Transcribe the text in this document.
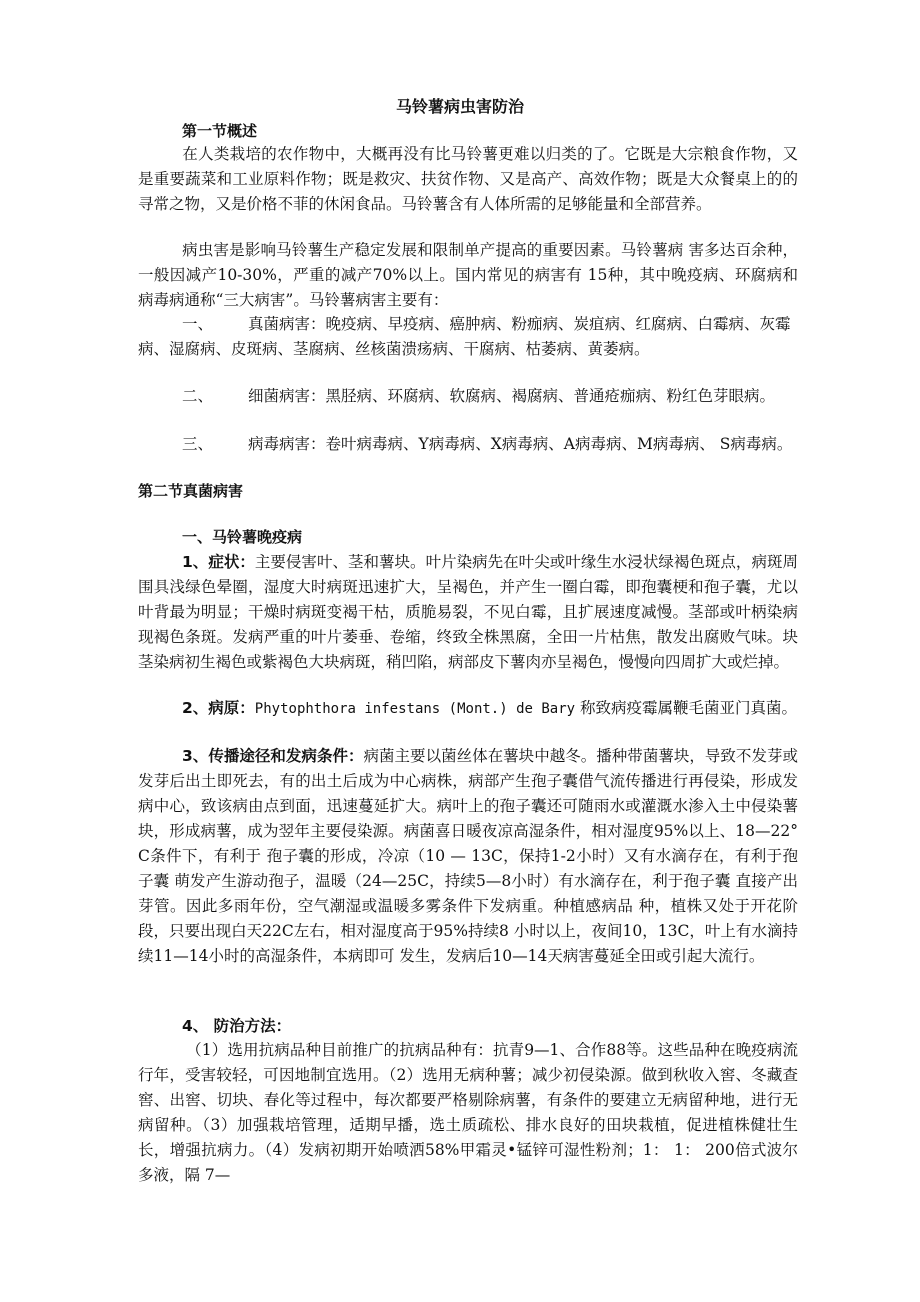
马铃薯病虫害防治
第一节概述
在人类栽培的农作物中，大概再没有比马铃薯更难以归类的了。它既是大宗粮食作物，又是重要蔬菜和工业原料作物；既是救灾、扶贫作物、又是高产、高效作物；既是大众餐桌上的的寻常之物，又是价格不菲的休闲食品。马铃薯含有人体所需的足够能量和全部营养。
病虫害是影响马铃薯生产稳定发展和限制单产提高的重要因素。马铃薯病 害多达百余种，一般因减产10-30%，严重的减产70%以上。国内常见的病害有 15种，其中晚疫病、环腐病和病毒病通称“三大病害”。马铃薯病害主要有：
一、 真菌病害：晚疫病、早疫病、癌肿病、粉痂病、炭疽病、红腐病、白霉病、灰霉病、湿腐病、皮斑病、茎腐病、丝核菌溃疡病、干腐病、枯萎病、黄萎病。
二、 细菌病害：黑胫病、环腐病、软腐病、褐腐病、普通疮痂病、粉红色芽眼病。
三、 病毒病害：卷叶病毒病、Y病毒病、X病毒病、A病毒病、M病毒病、 S病毒病。
第二节真菌病害
一、马铃薯晚疫病
1、症状：主要侵害叶、茎和薯块。叶片染病先在叶尖或叶缘生水浸状绿褐色斑点，病斑周围具浅绿色晕圈，湿度大时病斑迅速扩大，呈褐色，并产生一圈白霉，即孢囊梗和孢子囊，尤以叶背最为明显；干燥时病斑变褐干枯，质脆易裂，不见白霉，且扩展速度减慢。茎部或叶柄染病现褐色条斑。发病严重的叶片萎垂、卷缩，终致全株黑腐，全田一片枯焦，散发出腐败气味。块茎染病初生褐色或紫褐色大块病斑，稍凹陷，病部皮下薯肉亦呈褐色，慢慢向四周扩大或烂掉。
2、病原：Phytophthora infestans (Mont.) de Bary 称致病疫霉属鞭毛菌亚门真菌。
3、传播途径和发病条件：病菌主要以菌丝体在薯块中越冬。播种带菌薯块，导致不发芽或发芽后出土即死去，有的出土后成为中心病株，病部产生孢子囊借气流传播进行再侵染，形成发病中心，致该病由点到面，迅速蔓延扩大。病叶上的孢子囊还可随雨水或灌溉水渗入土中侵染薯块，形成病薯，成为翌年主要侵染源。病菌喜日暖夜凉高湿条件，相对湿度95%以上、18—22° C条件下，有利于 孢子囊的形成，冷凉（10 — 13C，保持1-2小时）又有水滴存在，有利于孢子囊 萌发产生游动孢子，温暖（24—25C，持续5—8小时）有水滴存在，利于孢子囊 直接产出芽管。因此多雨年份，空气潮湿或温暖多雾条件下发病重。种植感病品 种，植株又处于开花阶段，只要出现白天22C左右，相对湿度高于95%持续8 小时以上，夜间10，13C，叶上有水滴持续11—14小时的高湿条件，本病即可 发生，发病后10—14天病害蔓延全田或引起大流行。
4、 防治方法：
（1）选用抗病品种目前推广的抗病品种有：抗青9—1、合作88等。这些品种在晚疫病流行年，受害较轻，可因地制宜选用。（2）选用无病种薯；减少初侵染源。做到秋收入窖、冬藏查窖、出窖、切块、春化等过程中，每次都要严格剔除病薯，有条件的要建立无病留种地，进行无病留种。（3）加强栽培管理，适期早播，选土质疏松、排水良好的田块栽植，促进植株健壮生长，增强抗病力。（4）发病初期开始喷洒58%甲霜灵•锰锌可湿性粉剂；1： 1： 200倍式波尔多液，隔 7—
